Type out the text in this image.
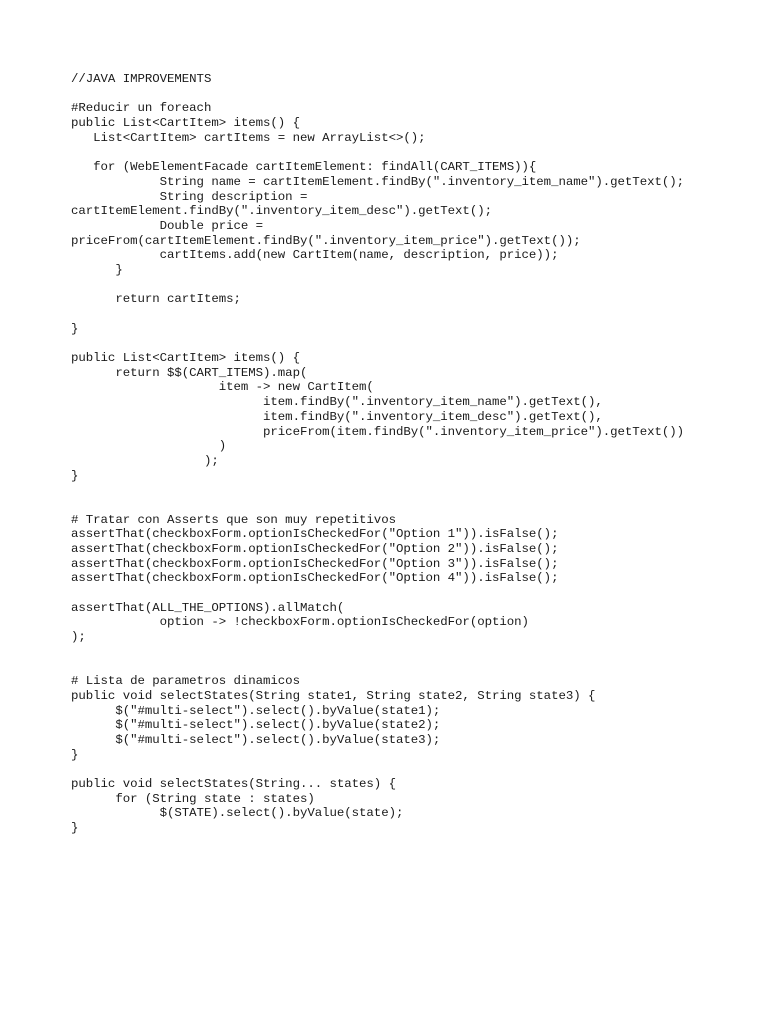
//JAVA IMPROVEMENTS
#Reducir un foreach
public List<CartItem> items() {
List<CartItem> cartItems = new ArrayList<>();
for (WebElementFacade cartItemElement: findAll(CART_ITEMS)){
String name = cartItemElement.findBy(".inventory_item_name").getText();
String description =
cartItemElement.findBy(".inventory_item_desc").getText();
Double price =
priceFrom(cartItemElement.findBy(".inventory_item_price").getText());
cartItems.add(new CartItem(name, description, price));
}
return cartItems;
}
public List<CartItem> items() {
return $$(CART_ITEMS).map(
item -> new CartItem(
item.findBy(".inventory_item_name").getText(),
item.findBy(".inventory_item_desc").getText(),
priceFrom(item.findBy(".inventory_item_price").getText())
)
);
}
# Tratar con Asserts que son muy repetitivos
assertThat(checkboxForm.optionIsCheckedFor("Option 1")).isFalse();
assertThat(checkboxForm.optionIsCheckedFor("Option 2")).isFalse();
assertThat(checkboxForm.optionIsCheckedFor("Option 3")).isFalse();
assertThat(checkboxForm.optionIsCheckedFor("Option 4")).isFalse();
assertThat(ALL_THE_OPTIONS).allMatch(
option -> !checkboxForm.optionIsCheckedFor(option)
);
# Lista de parametros dinamicos
public void selectStates(String state1, String state2, String state3) {
$("#multi-select").select().byValue(state1);
$("#multi-select").select().byValue(state2);
$("#multi-select").select().byValue(state3);
}
public void selectStates(String... states) {
for (String state : states)
$(STATE).select().byValue(state);
}
